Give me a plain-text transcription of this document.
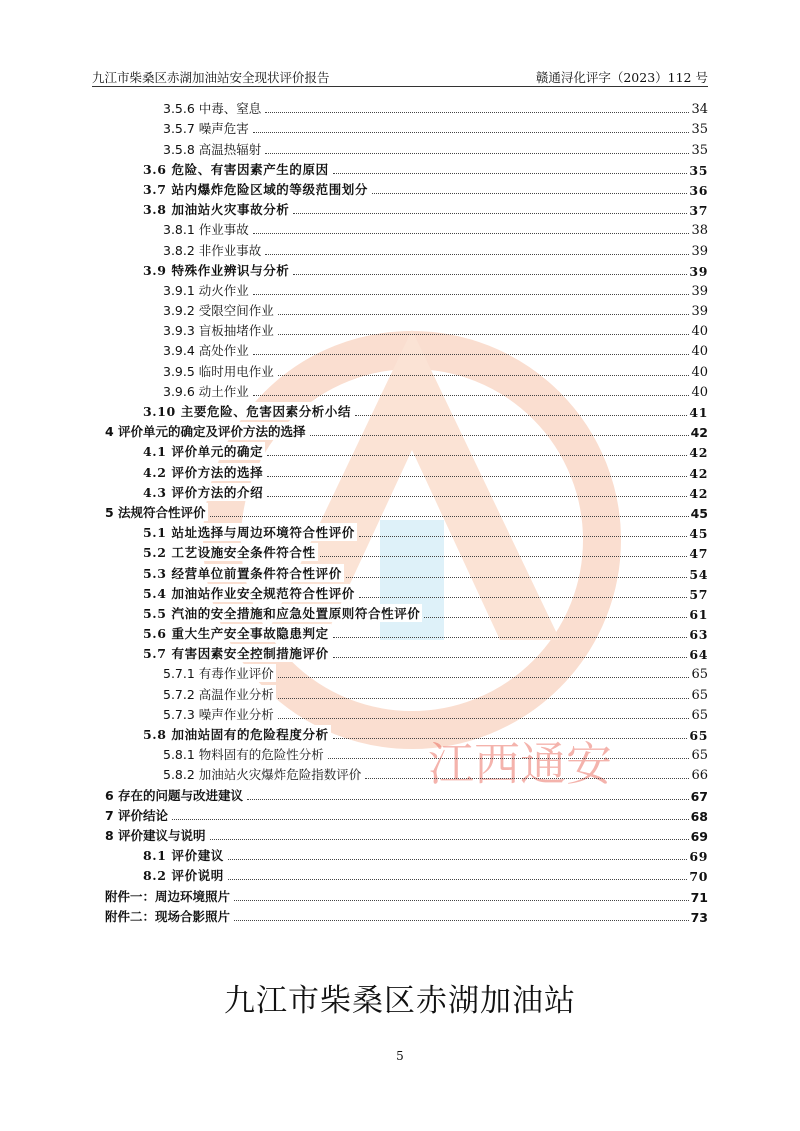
江西通安
九江市柴桑区赤湖加油站安全现状评价报告	赣通浔化评字（2023）112 号
3.5.6 中毒、窒息	34
3.5.7 噪声危害	35
3.5.8 高温热辐射	35
3.6 危险、有害因素产生的原因	35
3.7 站内爆炸危险区域的等级范围划分	36
3.8 加油站火灾事故分析	37
3.8.1 作业事故	38
3.8.2 非作业事故	39
3.9 特殊作业辨识与分析	39
3.9.1 动火作业	39
3.9.2 受限空间作业	39
3.9.3 盲板抽堵作业	40
3.9.4 高处作业	40
3.9.5 临时用电作业	40
3.9.6 动土作业	40
3.10 主要危险、危害因素分析小结	41
4 评价单元的确定及评价方法的选择	42
4.1 评价单元的确定	42
4.2 评价方法的选择	42
4.3 评价方法的介绍	42
5 法规符合性评价	45
5.1 站址选择与周边环境符合性评价	45
5.2 工艺设施安全条件符合性	47
5.3 经营单位前置条件符合性评价	54
5.4 加油站作业安全规范符合性评价	57
5.5 汽油的安全措施和应急处置原则符合性评价	61
5.6 重大生产安全事故隐患判定	63
5.7 有害因素安全控制措施评价	64
5.7.1 有毒作业评价	65
5.7.2 高温作业分析	65
5.7.3 噪声作业分析	65
5.8 加油站固有的危险程度分析	65
5.8.1 物料固有的危险性分析	65
5.8.2 加油站火灾爆炸危险指数评价	66
6 存在的问题与改进建议	67
7 评价结论	68
8 评价建议与说明	69
8.1 评价建议	69
8.2 评价说明	70
附件一：周边环境照片	71
附件二：现场合影照片	73
九江市柴桑区赤湖加油站
5
